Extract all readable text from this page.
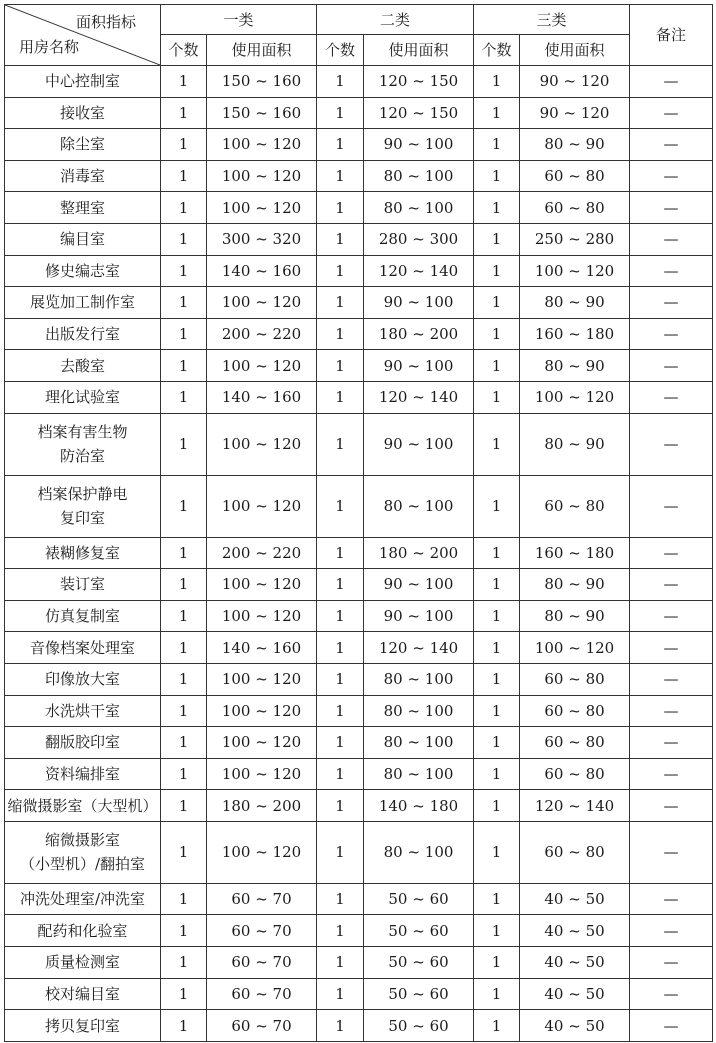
面积指标
用房名称	一类		二类		三类		备注
	个数	使用面积	个数	使用面积	个数	使用面积	

中心控制室	1	150 ~ 160	1	120 ~ 150	1	90 ~ 120	—

接收室	1	150 ~ 160	1	120 ~ 150	1	90 ~ 120	—

除尘室	1	100 ~ 120	1	90 ~ 100	1	80 ~ 90	—

消毒室	1	100 ~ 120	1	80 ~ 100	1	60 ~ 80	—

整理室	1	100 ~ 120	1	80 ~ 100	1	60 ~ 80	—

编目室	1	300 ~ 320	1	280 ~ 300	1	250 ~ 280	—

修史编志室	1	140 ~ 160	1	120 ~ 140	1	100 ~ 120	—

展览加工制作室	1	100 ~ 120	1	90 ~ 100	1	80 ~ 90	—

出版发行室	1	200 ~ 220	1	180 ~ 200	1	160 ~ 180	—

去酸室	1	100 ~ 120	1	90 ~ 100	1	80 ~ 90	—

理化试验室	1	140 ~ 160	1	120 ~ 140	1	100 ~ 120	—

档案有害生物
防治室	1	100 ~ 120	1	90 ~ 100	1	80 ~ 90	—

档案保护静电
复印室	1	100 ~ 120	1	80 ~ 100	1	60 ~ 80	—

裱糊修复室	1	200 ~ 220	1	180 ~ 200	1	160 ~ 180	—

装订室	1	100 ~ 120	1	90 ~ 100	1	80 ~ 90	—

仿真复制室	1	100 ~ 120	1	90 ~ 100	1	80 ~ 90	—

音像档案处理室	1	140 ~ 160	1	120 ~ 140	1	100 ~ 120	—

印像放大室	1	100 ~ 120	1	80 ~ 100	1	60 ~ 80	—

水洗烘干室	1	100 ~ 120	1	80 ~ 100	1	60 ~ 80	—

翻版胶印室	1	100 ~ 120	1	80 ~ 100	1	60 ~ 80	—

资料编排室	1	100 ~ 120	1	80 ~ 100	1	60 ~ 80	—

缩微摄影室（大型机）	1	180 ~ 200	1	140 ~ 180	1	120 ~ 140	—

缩微摄影室
（小型机）/翻拍室	1	100 ~ 120	1	80 ~ 100	1	60 ~ 80	—

冲洗处理室/冲洗室	1	60 ~ 70	1	50 ~ 60	1	40 ~ 50	—

配药和化验室	1	60 ~ 70	1	50 ~ 60	1	40 ~ 50	—

质量检测室	1	60 ~ 70	1	50 ~ 60	1	40 ~ 50	—

校对编目室	1	60 ~ 70	1	50 ~ 60	1	40 ~ 50	—

拷贝复印室	1	60 ~ 70	1	50 ~ 60	1	40 ~ 50	—
